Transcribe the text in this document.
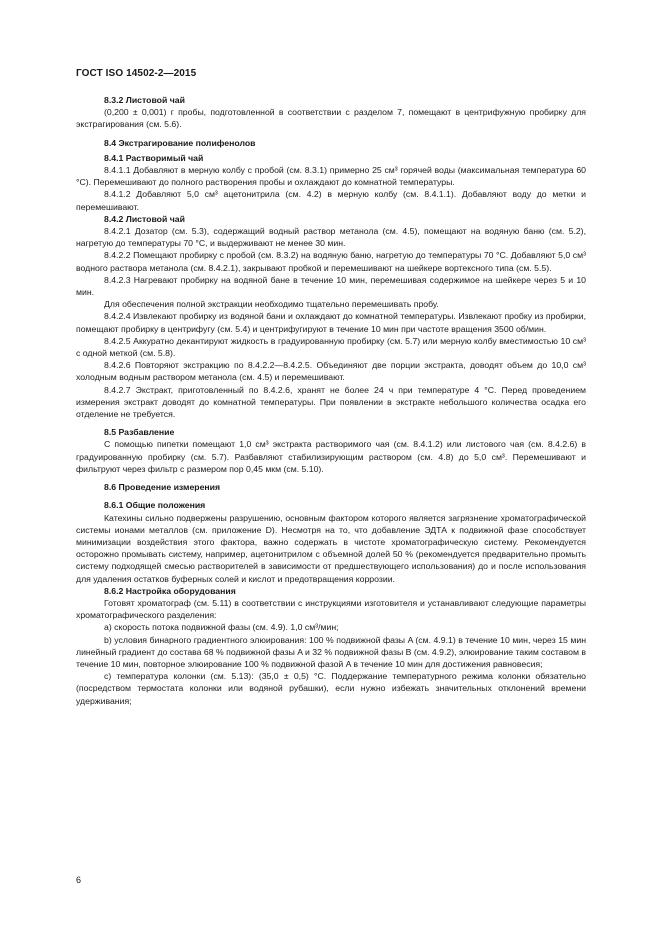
ГОСТ ISO 14502-2—2015

8.3.2 Листовой чай

(0,200 ± 0,001) г пробы, подготовленной в соответствии с разделом 7, помещают в центрифужную пробирку для экстрагирования (см. 5.6).

8.4 Экстрагирование полифенолов

8.4.1 Растворимый чай

8.4.1.1 Добавляют в мерную колбу с пробой (см. 8.3.1) примерно 25 см³ горячей воды (максимальная температура 60 °C). Перемешивают до полного растворения пробы и охлаждают до комнатной температуры.

8.4.1.2 Добавляют 5,0 см³ ацетонитрила (см. 4.2) в мерную колбу (см. 8.4.1.1). Добавляют воду до метки и перемешивают.

8.4.2 Листовой чай

8.4.2.1 Дозатор (см. 5.3), содержащий водный раствор метанола (см. 4.5), помещают на водяную баню (см. 5.2), нагретую до температуры 70 °C, и выдерживают не менее 30 мин.

8.4.2.2 Помещают пробирку с пробой (см. 8.3.2) на водяную баню, нагретую до температуры 70 °C. Добавляют 5,0 см³ водного раствора метанола (см. 8.4.2.1), закрывают пробкой и перемешивают на шейкере вортексного типа (см. 5.5).

8.4.2.3 Нагревают пробирку на водяной бане в течение 10 мин, перемешивая содержимое на шейкере через 5 и 10 мин.

Для обеспечения полной экстракции необходимо тщательно перемешивать пробу.

8.4.2.4 Извлекают пробирку из водяной бани и охлаждают до комнатной температуры. Извлекают пробку из пробирки, помещают пробирку в центрифугу (см. 5.4) и центрифугируют в течение 10 мин при частоте вращения 3500 об/мин.

8.4.2.5 Аккуратно декантируют жидкость в градуированную пробирку (см. 5.7) или мерную колбу вместимостью 10 см³ с одной меткой (см. 5.8).

8.4.2.6 Повторяют экстракцию по 8.4.2.2—8.4.2.5. Объединяют две порции экстракта, доводят объем до 10,0 см³ холодным водным раствором метанола (см. 4.5) и перемешивают.

8.4.2.7 Экстракт, приготовленный по 8.4.2.6, хранят не более 24 ч при температуре 4 °C. Перед проведением измерения экстракт доводят до комнатной температуры. При появлении в экстракте небольшого количества осадка его отделение не требуется.

8.5 Разбавление

С помощью пипетки помещают 1,0 см³ экстракта растворимого чая (см. 8.4.1.2) или листового чая (см. 8.4.2.6) в градуированную пробирку (см. 5.7). Разбавляют стабилизирующим раствором (см. 4.8) до 5,0 см³. Перемешивают и фильтруют через фильтр с размером пор 0,45 мкм (см. 5.10).

8.6 Проведение измерения

8.6.1 Общие положения

Катехины сильно подвержены разрушению, основным фактором которого является загрязнение хроматографической системы ионами металлов (см. приложение D). Несмотря на то, что добавление ЭДТА к подвижной фазе способствует минимизации воздействия этого фактора, важно содержать в чистоте хроматографическую систему. Рекомендуется осторожно промывать систему, например, ацетонитрилом с объемной долей 50 % (рекомендуется предварительно промыть систему подходящей смесью растворителей в зависимости от предшествующего использования) до и после использования для удаления остатков буферных солей и кислот и предотвращения коррозии.

8.6.2 Настройка оборудования

Готовят хроматограф (см. 5.11) в соответствии с инструкциями изготовителя и устанавливают следующие параметры хроматографического разделения:

a) скорость потока подвижной фазы (см. 4.9). 1,0 см³/мин;

b) условия бинарного градиентного элюирования: 100 % подвижной фазы A (см. 4.9.1) в течение 10 мин, через 15 мин линейный градиент до состава 68 % подвижной фазы A и 32 % подвижной фазы B (см. 4.9.2), элюирование таким составом в течение 10 мин, повторное элюирование 100 % подвижной фазой A в течение 10 мин для достижения равновесия;

c) температура колонки (см. 5.13): (35,0 ± 0,5) °C. Поддержание температурного режима колонки обязательно (посредством термостата колонки или водяной рубашки), если нужно избежать значительных отклонений времени удерживания;

6
